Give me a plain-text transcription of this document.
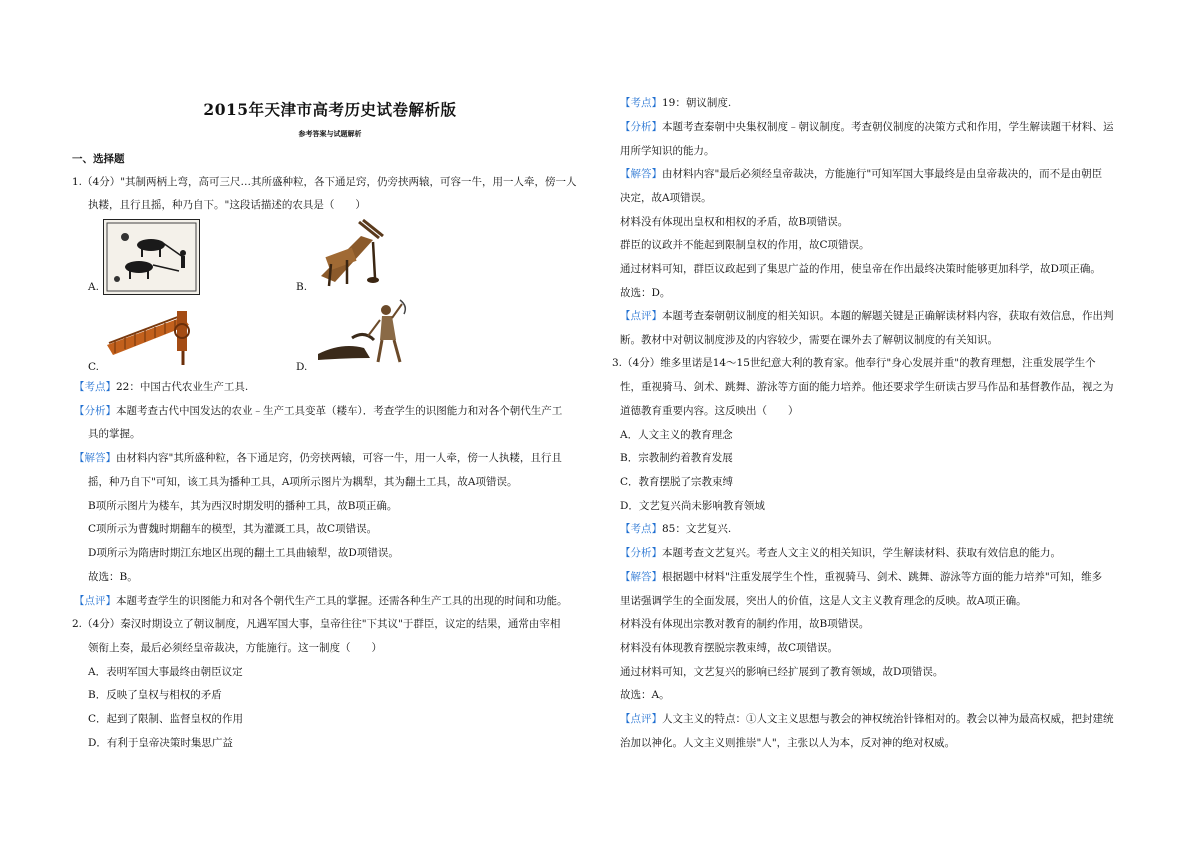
2015年天津市高考历史试卷解析版
参考答案与试题解析
一、选择题
1.（4分）"其制两柄上弯，高可三尺…其所盛种粒，各下通足窍，仍旁挟两辕，可容一牛，用一人牵，傍一人
执耧，且行且摇，种乃自下。"这段话描述的农具是（　　）
A.	B.
C.	D.
【考点】22：中国古代农业生产工具.
【分析】本题考查古代中国发达的农业﹣生产工具变革（耧车）．考查学生的识图能力和对各个朝代生产工
具的掌握。
【解答】由材料内容"其所盛种粒，各下通足窍，仍旁挟两辕，可容一牛，用一人牵，傍一人执耧，且行且
摇，种乃自下"可知，该工具为播种工具，A项所示图片为耦犁，其为翻土工具，故A项错误。
B项所示图片为楼车，其为西汉时期发明的播种工具，故B项正确。
C项所示为曹魏时期翻车的模型，其为灌溉工具，故C项错误。
D项所示为隋唐时期江东地区出现的翻土工具曲辕犁，故D项错误。
故选：B。
【点评】本题考查学生的识图能力和对各个朝代生产工具的掌握。还需各种生产工具的出现的时间和功能。
2.（4分）秦汉时期设立了朝议制度，凡遇军国大事，皇帝往往"下其议"于群臣，议定的结果，通常由宰相
领衔上奏，最后必须经皇帝裁决，方能施行。这一制度（　　）
A．表明军国大事最终由朝臣议定
B．反映了皇权与相权的矛盾
C．起到了限制、监督皇权的作用
D．有利于皇帝决策时集思广益
【考点】19：朝议制度.
【分析】本题考查秦朝中央集权制度﹣朝议制度。考查朝仪制度的决策方式和作用，学生解读题干材料、运
用所学知识的能力。
【解答】由材料内容"最后必须经皇帝裁决，方能施行"可知军国大事最终是由皇帝裁决的，而不是由朝臣
决定，故A项错误。
材料没有体现出皇权和相权的矛盾，故B项错误。
群臣的议政并不能起到限制皇权的作用，故C项错误。
通过材料可知，群臣议政起到了集思广益的作用，使皇帝在作出最终决策时能够更加科学，故D项正确。
故选：D。
【点评】本题考查秦朝朝议制度的相关知识。本题的解题关键是正确解读材料内容，获取有效信息，作出判
断。教材中对朝议制度涉及的内容较少，需要在课外去了解朝议制度的有关知识。
3.（4分）维多里诺是14～15世纪意大利的教育家。他奉行"身心发展并重"的教育理想，注重发展学生个
性，重视骑马、剑术、跳舞、游泳等方面的能力培养。他还要求学生研读古罗马作品和基督教作品，视之为
道德教育重要内容。这反映出（　　）
A．人文主义的教育理念
B．宗教制约着教育发展
C．教育摆脱了宗教束缚
D．文艺复兴尚未影响教育领域
【考点】85：文艺复兴.
【分析】本题考查文艺复兴。考查人文主义的相关知识，学生解读材料、获取有效信息的能力。
【解答】根据题中材料"注重发展学生个性，重视骑马、剑术、跳舞、游泳等方面的能力培养"可知，维多
里诺强调学生的全面发展，突出人的价值，这是人文主义教育理念的反映。故A项正确。
材料没有体现出宗教对教育的制约作用，故B项错误。
材料没有体现教育摆脱宗教束缚，故C项错误。
通过材料可知，文艺复兴的影响已经扩展到了教育领域，故D项错误。
故选：A。
【点评】人文主义的特点：①人文主义思想与教会的神权统治针锋相对的。教会以神为最高权威，把封建统
治加以神化。人文主义则推崇"人"，主张以人为本，反对神的绝对权威。
